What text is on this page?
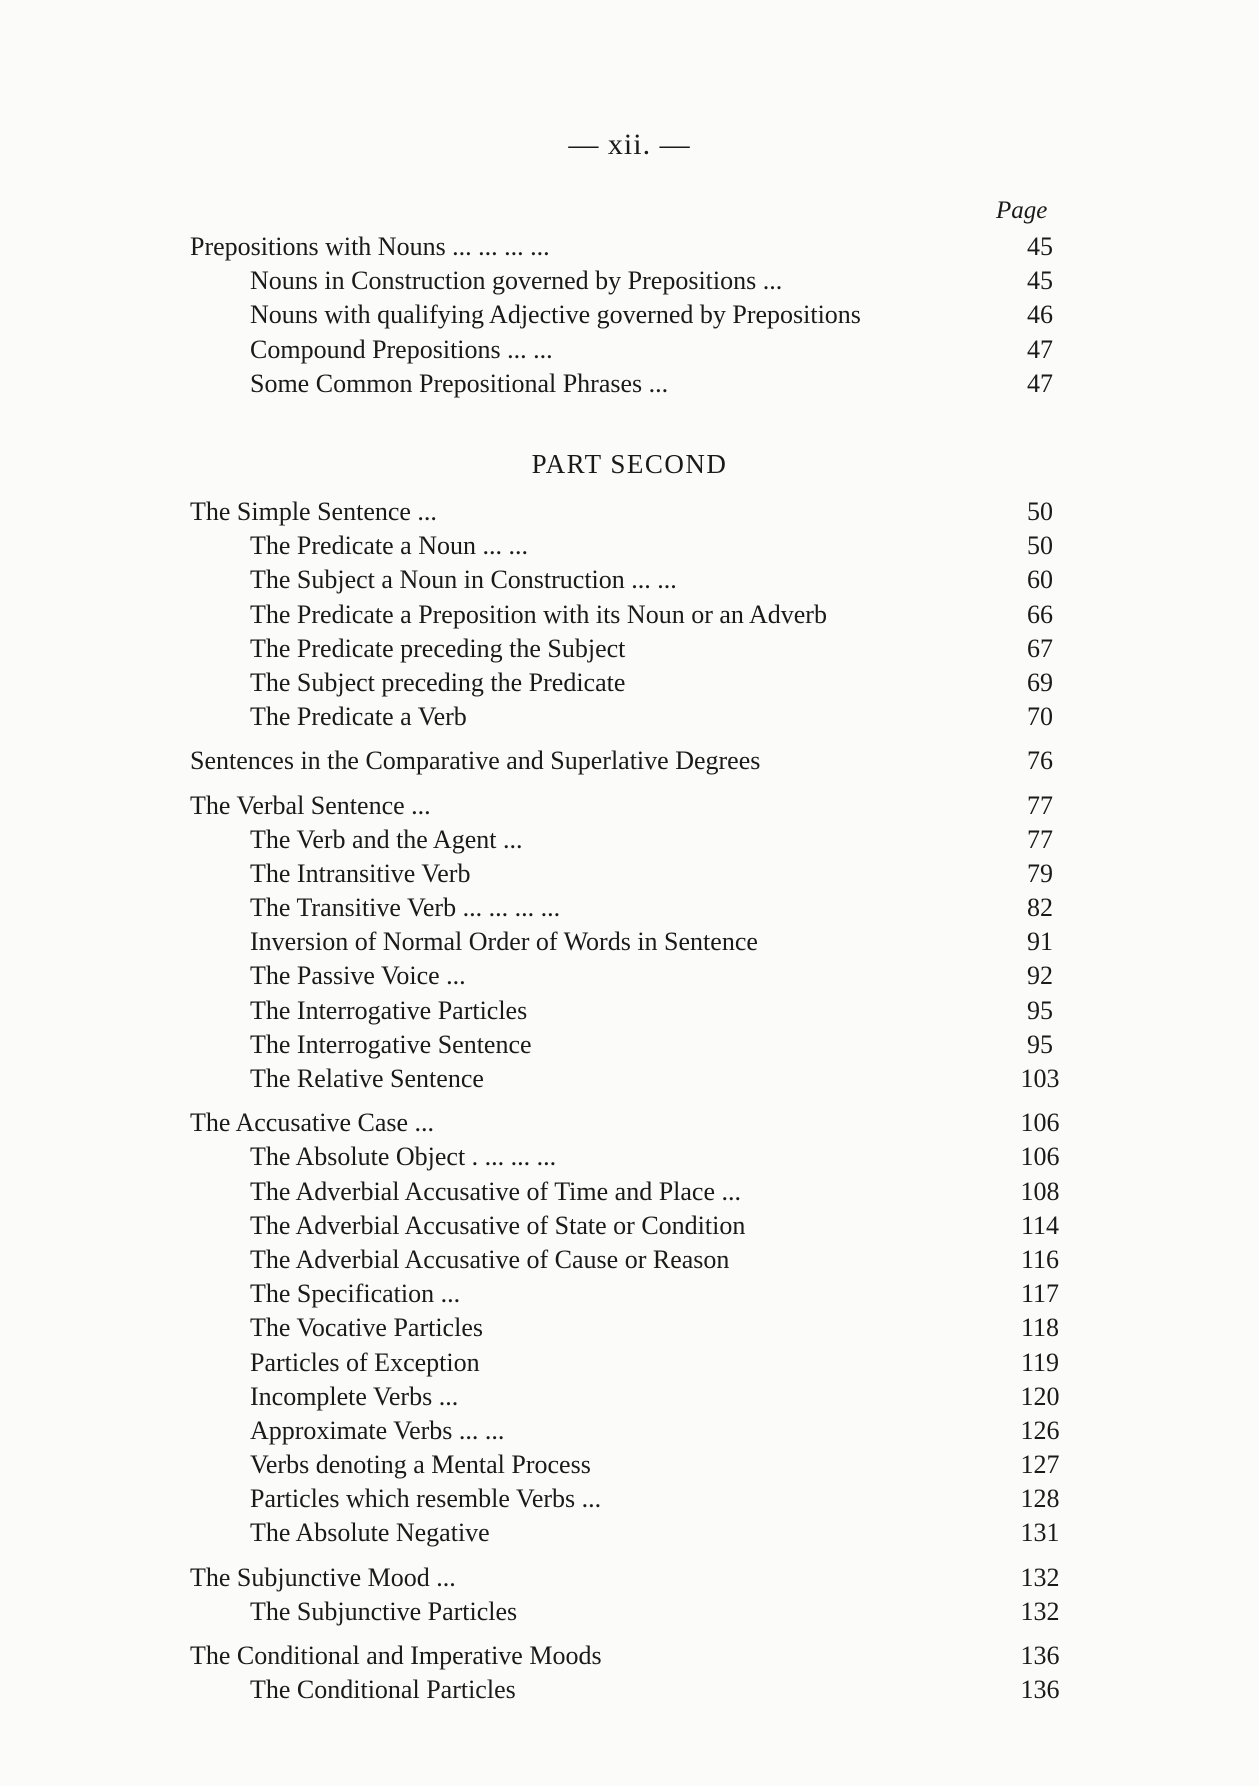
— xii. —
Page
Prepositions with Nouns ... ... ... ...	45
Nouns in Construction governed by Prepositions ...	45
Nouns with qualifying Adjective governed by Prepositions	46
Compound Prepositions ... ...	47
Some Common Prepositional Phrases ...	47
PART SECOND
The Simple Sentence ...	50
The Predicate a Noun ... ...	50
The Subject a Noun in Construction ... ...	60
The Predicate a Preposition with its Noun or an Adverb	66
The Predicate preceding the Subject	67
The Subject preceding the Predicate	69
The Predicate a Verb	70
Sentences in the Comparative and Superlative Degrees	76
The Verbal Sentence ...	77
The Verb and the Agent ...	77
The Intransitive Verb	79
The Transitive Verb ... ... ... ...	82
Inversion of Normal Order of Words in Sentence	91
The Passive Voice ...	92
The Interrogative Particles	95
The Interrogative Sentence	95
The Relative Sentence	103
The Accusative Case ...	106
The Absolute Object . ... ... ...	106
The Adverbial Accusative of Time and Place ...	108
The Adverbial Accusative of State or Condition	114
The Adverbial Accusative of Cause or Reason	116
The Specification ...	117
The Vocative Particles	118
Particles of Exception	119
Incomplete Verbs ...	120
Approximate Verbs ... ...	126
Verbs denoting a Mental Process	127
Particles which resemble Verbs ...	128
The Absolute Negative	131
The Subjunctive Mood ...	132
The Subjunctive Particles	132
The Conditional and Imperative Moods	136
The Conditional Particles	136
